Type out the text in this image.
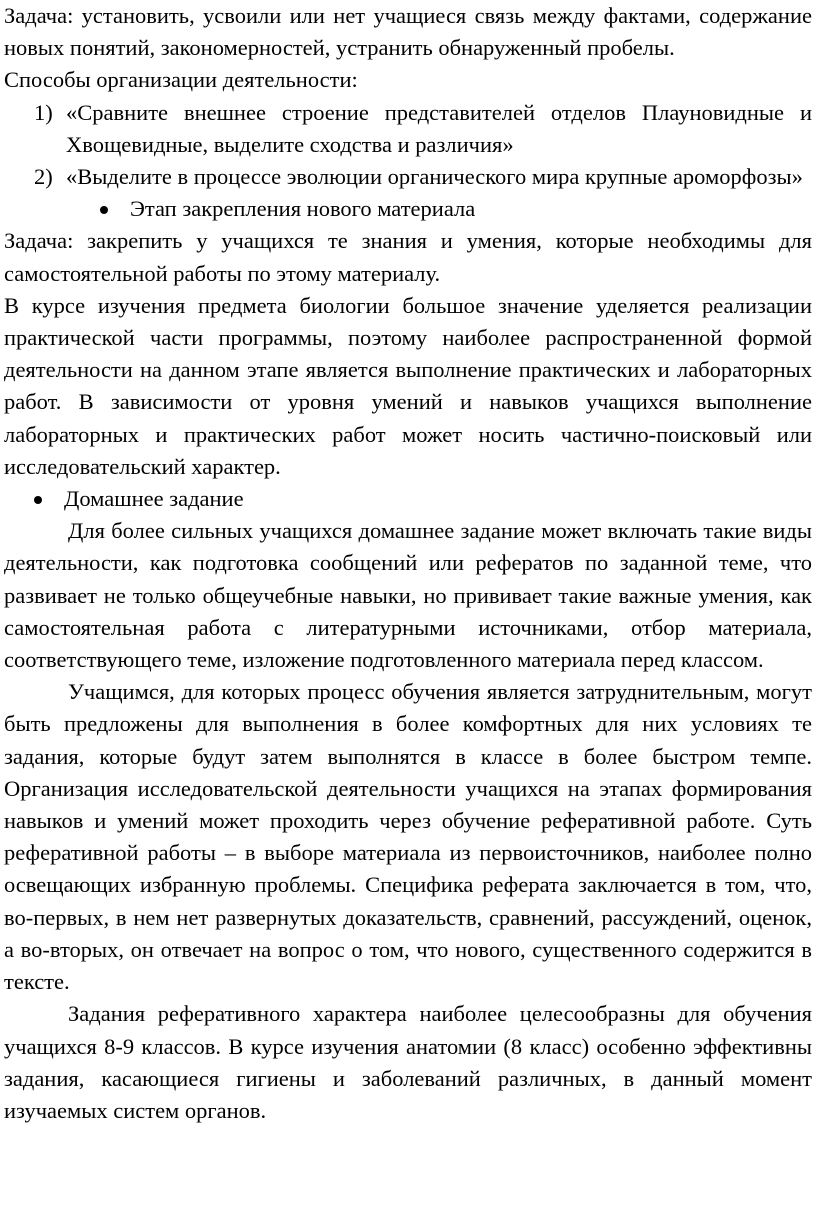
Задача: установить, усвоили или нет учащиеся связь между фактами, содержание новых понятий, закономерностей, устранить обнаруженный пробелы.

Способы организации деятельности:

1) «Сравните внешнее строение представителей отделов Плауновидные и Хвощевидные, выделите сходства и различия»
2) «Выделите в процессе эволюции органического мира крупные ароморфозы»
Этап закрепления нового материала

Задача: закрепить у учащихся те знания и умения, которые необходимы для самостоятельной работы по этому материалу.

В курсе изучения предмета биологии большое значение уделяется реализации практической части программы, поэтому наиболее распространенной формой деятельности на данном этапе является выполнение практических и лабораторных работ. В зависимости от уровня умений и навыков учащихся выполнение лабораторных и практических работ может носить частично-поисковый или исследовательский характер.

Домашнее задание

Для более сильных учащихся домашнее задание может включать такие виды деятельности, как подготовка сообщений или рефератов по заданной теме, что развивает не только общеучебные навыки, но прививает такие важные умения, как самостоятельная работа с литературными источниками, отбор материала, соответствующего теме, изложение подготовленного материала перед классом.

Учащимся, для которых процесс обучения является затруднительным, могут быть предложены для выполнения в более комфортных для них условиях те задания, которые будут затем выполнятся в классе в более быстром темпе. Организация исследовательской деятельности учащихся на этапах формирования навыков и умений может проходить через обучение реферативной работе. Суть реферативной работы – в выборе материала из первоисточников, наиболее полно освещающих избранную проблемы. Специфика реферата заключается в том, что, во-первых, в нем нет развернутых доказательств, сравнений, рассуждений, оценок, а во-вторых, он отвечает на вопрос о том, что нового, существенного содержится в тексте.

Задания реферативного характера наиболее целесообразны для обучения учащихся 8-9 классов. В курсе изучения анатомии (8 класс) особенно эффективны задания, касающиеся гигиены и заболеваний различных, в данный момент изучаемых систем органов.
